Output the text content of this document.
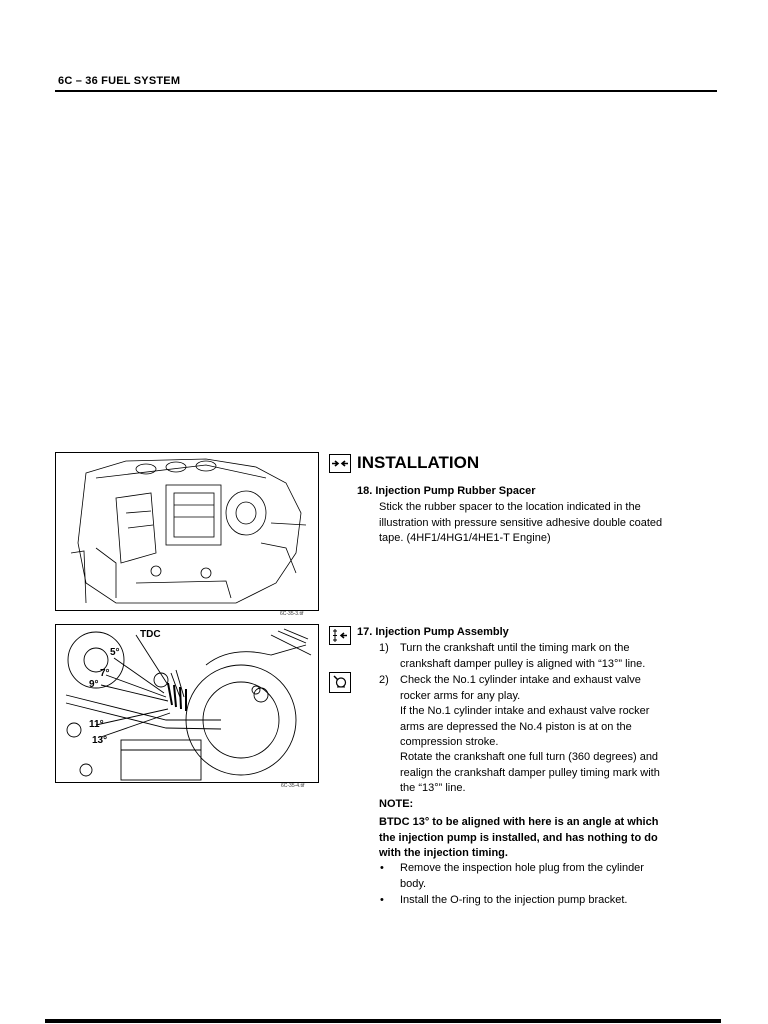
6C – 36 FUEL SYSTEM
6C-35-3.tif
TDC
5°
7°
9°
11°
13°
6C-35-4.tif
INSTALLATION
18. Injection Pump Rubber Spacer
Stick the rubber spacer to the location indicated in the
illustration with pressure sensitive adhesive double coated
tape. (4HF1/4HG1/4HE1-T Engine)
17. Injection Pump Assembly
1) Turn the crankshaft until the timing mark on the
crankshaft damper pulley is aligned with “13°” line.
2) Check the No.1 cylinder intake and exhaust valve
rocker arms for any play.
If the No.1 cylinder intake and exhaust valve rocker
arms are depressed the No.4 piston is at on the
compression stroke.
Rotate the crankshaft one full turn (360 degrees) and
realign the crankshaft damper pulley timing mark with
the “13°” line.
NOTE:
BTDC 13° to be aligned with here is an angle at which
the injection pump is installed, and has nothing to do
with the injection timing.
• Remove the inspection hole plug from the cylinder
body.
• Install the O-ring to the injection pump bracket.
